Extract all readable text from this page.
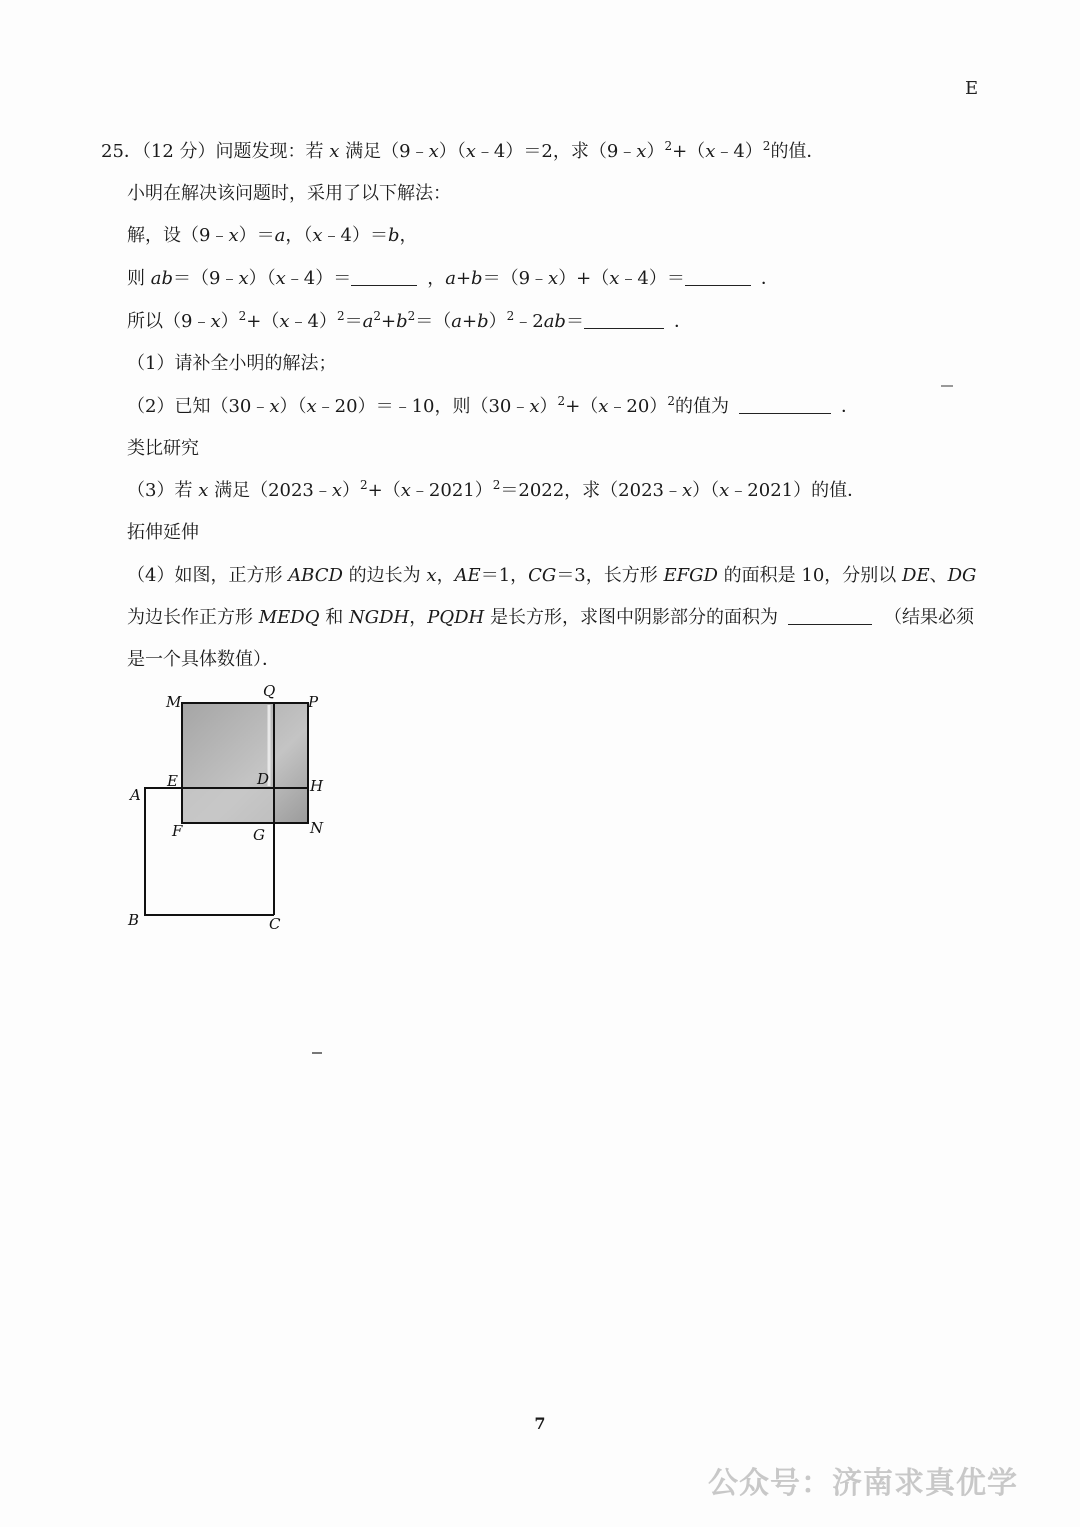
E
25．（12 分）问题发现：若 x 满足（9﹣x）（x﹣4）＝2，求（9﹣x）$^2$+（x﹣4）$^2$的值．
小明在解决该问题时，采用了以下解法：
解，设（9﹣x）＝a，（x﹣4）＝b，
则 ab＝（9﹣x）（x﹣4）＝	，a+b＝（9﹣x）+（x﹣4）＝	．
所以$(9﹣x)^2+(x﹣4)^2=a^2+b^2=(a+b)^2﹣2ab=$	．
（1）请补全小明的解法；
（2）已知（30﹣x）（x﹣20）＝﹣10，则（30﹣x）$^2$+（x﹣20）$^2$的值为	．
类比研究
（3）若 x 满足（2023﹣x）$^2$+（x﹣2021）$^2$＝2022，求（2023﹣x）（x﹣2021）的值．
拓伸延伸
（4）如图，正方形 ABCD 的边长为 x，AE＝1，CG＝3，长方形 EFGD 的面积是 10，分别以 DE、DG
为边长作正方形 MEDQ 和 NGDH，PQDH 是长方形，求图中阴影部分的面积为	（结果必须
是一个具体数值）．
M
Q
P
A
E	D	H
F	G	N
B	C
7
公众号：济南求真优学
